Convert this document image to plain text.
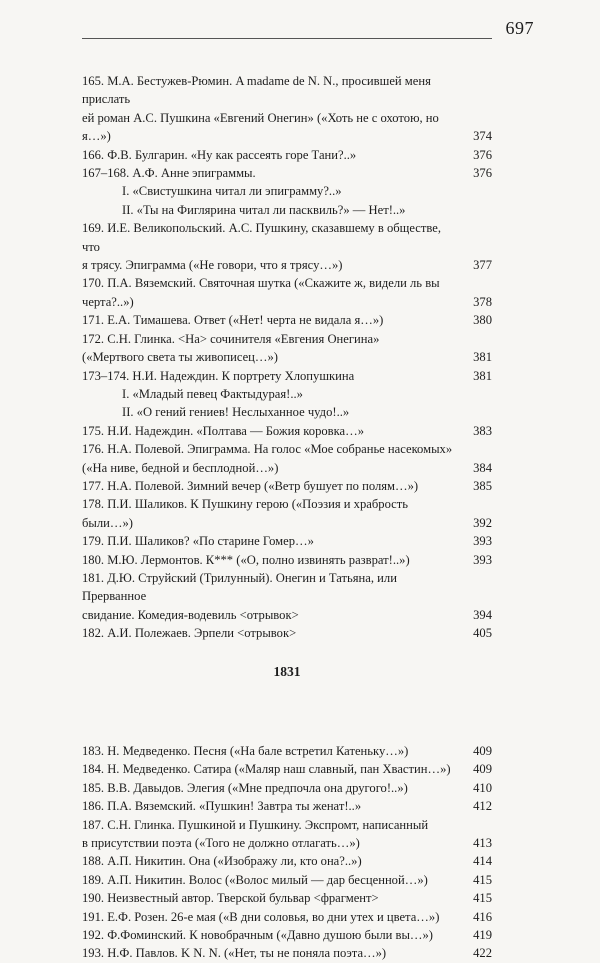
697
165. М.А. Бестужев-Рюмин. A madame de N. N., просившей меня прислать
ей роман А.С. Пушкина «Евгений Онегин» («Хоть не с охотою, но я…»)	374
166. Ф.В. Булгарин. «Ну как рассеять горе Тани?..»	376
167–168. А.Ф. Анне эпиграммы.	376
I. «Свистушкина читал ли эпиграмму?..»
II. «Ты на Фиглярина читал ли пасквиль?» — Нет!..»
169. И.Е. Великопольский. А.С. Пушкину, сказавшему в обществе, что
я трясу. Эпиграмма («Не говори, что я трясу…»)	377
170. П.А. Вяземский. Святочная шутка («Скажите ж, видели ль вы черта?..»)	378
171. Е.А. Тимашева. Ответ («Нет! черта не видала я…»)	380
172. С.Н. Глинка. <На> сочинителя «Евгения Онегина»
(«Мертвого света ты живописец…»)	381
173–174. Н.И. Надеждин. К портрету Хлопушкина	381
I. «Младый певец Фактыдурая!..»
II. «О гений гениев! Неслыханное чудо!..»
175. Н.И. Надеждин. «Полтава — Божия коровка…»	383
176. Н.А. Полевой. Эпиграмма. На голос «Мое собранье насекомых»
(«На ниве, бедной и бесплодной…»)	384
177. Н.А. Полевой. Зимний вечер («Ветр бушует по полям…»)	385
178. П.И. Шаликов. К Пушкину герою («Поэзия и храбрость были…»)	392
179. П.И. Шаликов? «По старине Гомер…»	393
180. М.Ю. Лермонтов. К*** («О, полно извинять разврат!..»)	393
181. Д.Ю. Струйский (Трилунный). Онегин и Татьяна, или Прерванное
свидание. Комедия-водевиль <отрывок>	394
182. А.И. Полежаев. Эрпели <отрывок>	405
1831
183. Н. Медведенко. Песня («На бале встретил Катеньку…»)	409
184. Н. Медведенко. Сатира («Маляр наш славный, пан Хвастин…»)	409
185. В.В. Давыдов. Элегия («Мне предпочла она другого!..»)	410
186. П.А. Вяземский. «Пушкин! Завтра ты женат!..»	412
187. С.Н. Глинка. Пушкиной и Пушкину. Экспромт, написанный
в присутствии поэта («Того не должно отлагать…»)	413
188. А.П. Никитин. Она («Изображу ли, кто она?..»)	414
189. А.П. Никитин. Волос («Волос милый — дар бесценной…»)	415
190. Неизвестный автор. Тверской бульвар <фрагмент>	415
191. Е.Ф. Розен. 26-е мая («В дни соловья, во дни утех и цвета…»)	416
192. Ф.Фоминский. К новобрачным («Давно душою были вы…»)	419
193. Н.Ф. Павлов. K N. N. («Нет, ты не поняла поэта…»)	422
